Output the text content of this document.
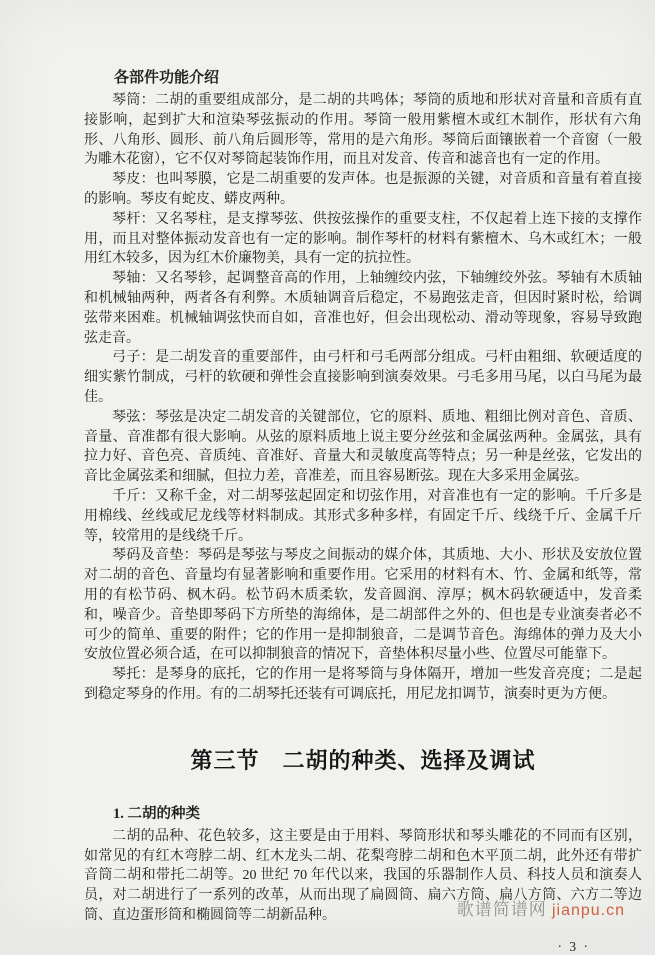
各部件功能介绍

琴筒：二胡的重要组成部分，是二胡的共鸣体；琴筒的质地和形状对音量和音质有直接影响，起到扩大和渲染琴弦振动的作用。琴筒一般用紫檀木或红木制作，形状有六角形、八角形、圆形、前八角后圆形等，常用的是六角形。琴筒后面镶嵌着一个音窗（一般为雕木花窗），它不仅对琴筒起装饰作用，而且对发音、传音和滤音也有一定的作用。

琴皮：也叫琴膜，它是二胡重要的发声体。也是振源的关键，对音质和音量有着直接的影响。琴皮有蛇皮、蟒皮两种。

琴杆：又名琴柱，是支撑琴弦、供按弦操作的重要支柱，不仅起着上连下接的支撑作用，而且对整体振动发音也有一定的影响。制作琴杆的材料有紫檀木、乌木或红木；一般用红木较多，因为红木价廉物美，具有一定的抗拉性。

琴轴：又名琴轸，起调整音高的作用，上轴缠绞内弦，下轴缠绞外弦。琴轴有木质轴和机械轴两种，两者各有利弊。木质轴调音后稳定，不易跑弦走音，但因时紧时松，给调弦带来困难。机械轴调弦快而自如，音准也好，但会出现松动、滑动等现象，容易导致跑弦走音。

弓子：是二胡发音的重要部件，由弓杆和弓毛两部分组成。弓杆由粗细、软硬适度的细实紫竹制成，弓杆的软硬和弹性会直接影响到演奏效果。弓毛多用马尾，以白马尾为最佳。

琴弦：琴弦是决定二胡发音的关键部位，它的原料、质地、粗细比例对音色、音质、音量、音准都有很大影响。从弦的原料质地上说主要分丝弦和金属弦两种。金属弦，具有拉力好、音色亮、音质纯、音准好、音量大和灵敏度高等特点；另一种是丝弦，它发出的音比金属弦柔和细腻，但拉力差，音准差，而且容易断弦。现在大多采用金属弦。

千斤：又称千金，对二胡琴弦起固定和切弦作用，对音准也有一定的影响。千斤多是用棉线、丝线或尼龙线等材料制成。其形式多种多样，有固定千斤、线绕千斤、金属千斤等，较常用的是线绕千斤。

琴码及音垫：琴码是琴弦与琴皮之间振动的媒介体，其质地、大小、形状及安放位置对二胡的音色、音量均有显著影响和重要作用。它采用的材料有木、竹、金属和纸等，常用的有松节码、枫木码。松节码木质柔软，发音圆润、淳厚；枫木码软硬适中，发音柔和，噪音少。音垫即琴码下方所垫的海绵体，是二胡部件之外的、但也是专业演奏者必不可少的简单、重要的附件；它的作用一是抑制狼音，二是调节音色。海绵体的弹力及大小安放位置必须合适，在可以抑制狼音的情况下，音垫体积尽量小些、位置尽可能靠下。

琴托：是琴身的底托，它的作用一是将琴筒与身体隔开，增加一些发音亮度；二是起到稳定琴身的作用。有的二胡琴托还装有可调底托，用尼龙扣调节，演奏时更为方便。

第三节　二胡的种类、选择及调试
1. 二胡的种类

二胡的品种、花色较多，这主要是由于用料、琴筒形状和琴头雕花的不同而有区别，如常见的有红木弯脖二胡、红木龙头二胡、花梨弯脖二胡和色木平顶二胡，此外还有带扩音筒二胡和带托二胡等。20 世纪 70 年代以来，我国的乐器制作人员、科技人员和演奏人员，对二胡进行了一系列的改革，从而出现了扁圆筒、扁六方筒、扁八方筒、六方二等边筒、直边蛋形筒和椭圆筒等二胡新品种。

· 3 ·
歌谱简谱网 jianpu.cn
